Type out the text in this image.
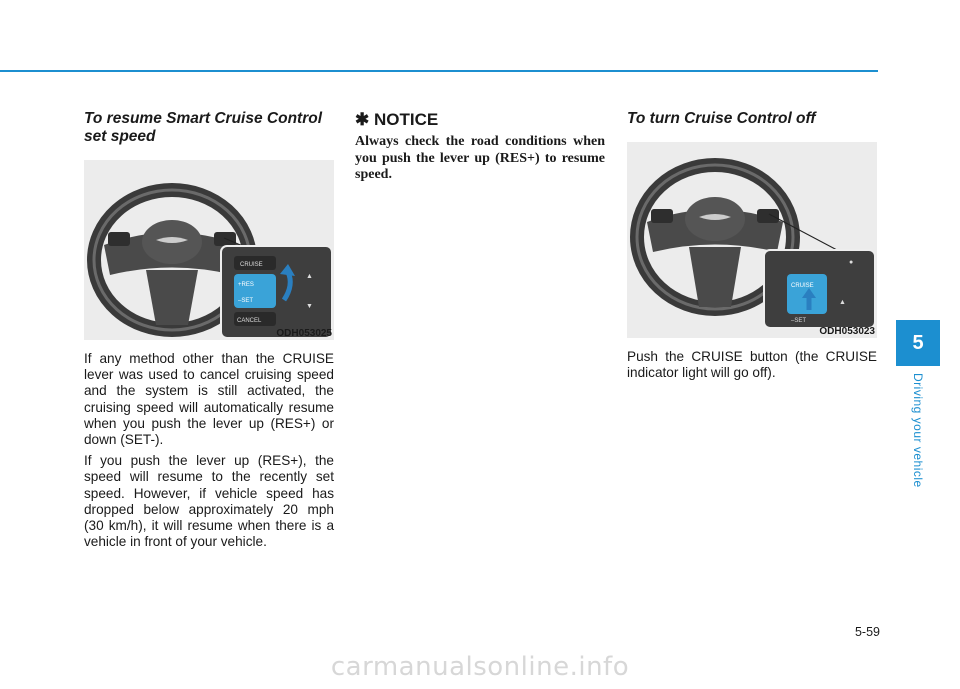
To resume Smart Cruise Control set speed
CRUISE
+RES
–SET
CANCEL
▲
▼
ODH053025

If any method other than the CRUISE lever was used to cancel cruising speed and the system is still activated, the cruising speed will automatically resume when you push the lever up (RES+) or down (SET-).

If you push the lever up (RES+), the speed will resume to the recently set speed. However, if vehicle speed has dropped below approximately 20 mph (30 km/h), it will resume when there is a vehicle in front of your vehicle.

✱ NOTICE

Always check the road conditions when you push the lever up (RES+) to resume speed.

To turn Cruise Control off
CRUISE
–SET
▲
●
ODH053023

Push the CRUISE button (the CRUISE indicator light will go off).

5
Driving your vehicle
5-59
carmanualsonline.info
